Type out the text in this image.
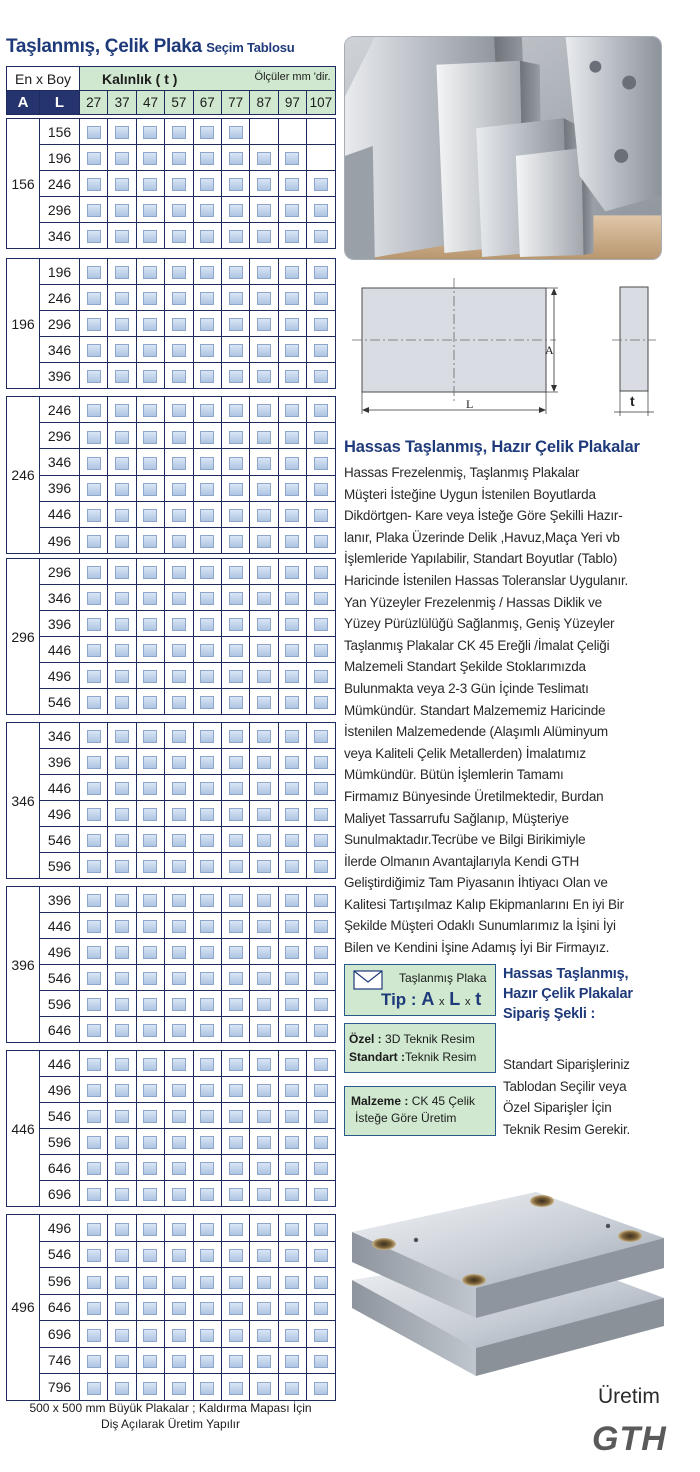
Taşlanmış, Çelik Plaka Seçim Tablosu
En x Boy		Kalınlık ( t ) Ölçüler mm 'dir.								

A	L	27	37	47	57	67	77	87	97	107
156	156									
	196									
	246									
	296									
	346									
196	196									
	246									
	296									
	346									
	396									
246	246									
	296									
	346									
	396									
	446									
	496									
296	296									
	346									
	396									
	446									
	496									
	546									
346	346									
	396									
	446									
	496									
	546									
	596									
396	396									
	446									
	496									
	546									
	596									
	646									
446	446									
	496									
	546									
	596									
	646									
	696									
496	496									
	546									
	596									
	646									
	696									
	746									
	796									
A
L	t
Hassas Taşlanmış, Hazır Çelik Plakalar
Hassas Frezelenmiş, Taşlanmış Plakalar
Müşteri İsteğine Uygun İstenilen Boyutlarda
Dikdörtgen- Kare veya İsteğe Göre Şekilli Hazır-
lanır, Plaka Üzerinde Delik ,Havuz,Maça Yeri vb
İşlemleride Yapılabilir, Standart Boyutlar (Tablo)
Haricinde İstenilen Hassas Toleranslar Uygulanır.
Yan Yüzeyler Frezelenmiş / Hassas Diklik ve
Yüzey Pürüzlülüğü Sağlanmış, Geniş Yüzeyler
Taşlanmış Plakalar CK 45 Ereğli /İmalat Çeliği
Malzemeli Standart Şekilde Stoklarımızda
Bulunmakta veya 2-3 Gün İçinde Teslimatı
Mümkündür. Standart Malzememiz Haricinde
İstenilen Malzemedende (Alaşımlı Alüminyum
veya Kaliteli Çelik Metallerden) İmalatımız
Mümkündür. Bütün İşlemlerin Tamamı
Firmamız Bünyesinde Üretilmektedir, Burdan
Maliyet Tassarrufu Sağlanıp, Müşteriye
Sunulmaktadır.Tecrübe ve Bilgi Birikimiyle
İlerde Olmanın Avantajlarıyla Kendi GTH
Geliştirdiğimiz Tam Piyasanın İhtiyacı Olan ve
Kalitesi Tartışılmaz Kalıp Ekipmanlarını En iyi Bir
Şekilde Müşteri Odaklı Sunumlarımız la İşini İyi
Bilen ve Kendini İşine Adamış İyi Bir Firmayız.
Taşlanmış Plaka
Tip : A x L x t
Özel : 3D Teknik Resim
Standart :Teknik Resim
Malzeme : CK 45 Çelik
İsteğe Göre Üretim
Hassas Taşlanmış,
Hazır Çelik Plakalar
Sipariş Şekli :
Standart Siparişleriniz
Tablodan Seçilir veya
Özel Siparişler İçin
Teknik Resim Gerekir.
500 x 500 mm Büyük Plakalar ; Kaldırma Mapası İçin
Diş Açılarak Üretim Yapılır
Üretim
GTH
